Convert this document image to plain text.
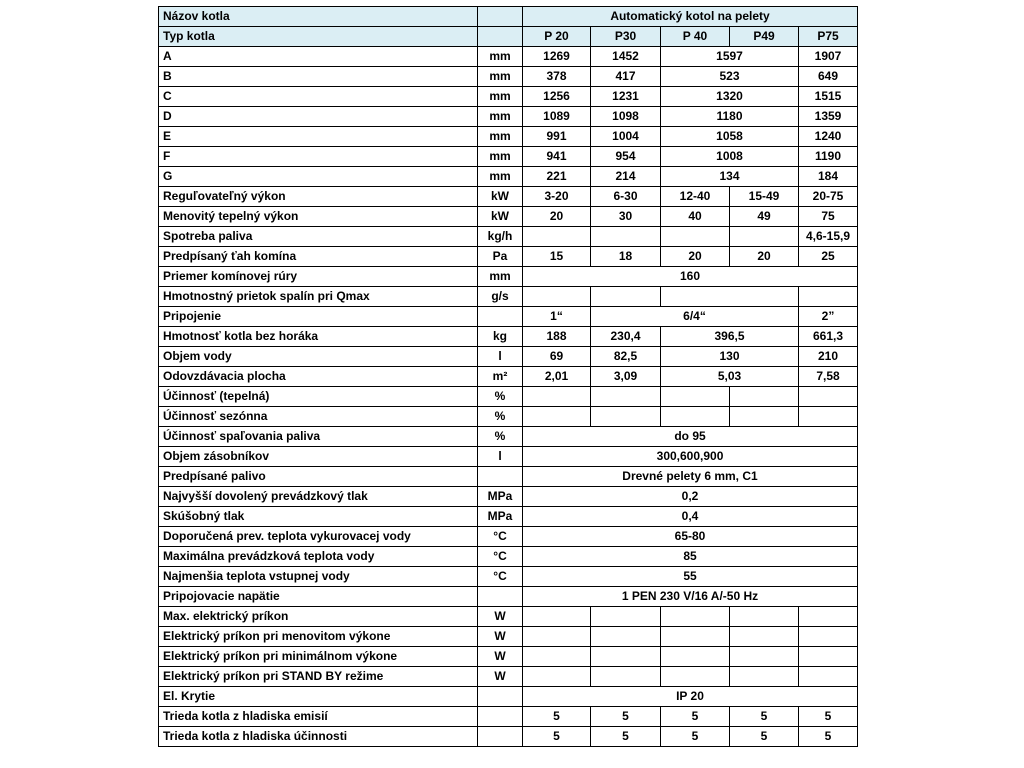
Názov kotla		Automatický kotol na pelety				
Typ kotla		P 20	P30	P 40	P49	P75
A	mm	1269	1452	1597		1907
B	mm	378	417	523		649
C	mm	1256	1231	1320		1515
D	mm	1089	1098	1180		1359
E	mm	991	1004	1058		1240
F	mm	941	954	1008		1190
G	mm	221	214	134		184
Reguľovateľný výkon	kW	3-20	6-30	12-40	15-49	20-75
Menovitý tepelný výkon	kW	20	30	40	49	75
Spotreba paliva	kg/h					4,6-15,9
Predpísaný ťah komína	Pa	15	18	20	20	25
Priemer komínovej rúry	mm	160				
Hmotnostný prietok spalín pri Qmax	g/s					
Pripojenie		1“	6/4“			2”
Hmotnosť kotla bez horáka	kg	188	230,4	396,5		661,3
Objem vody	l	69	82,5	130		210
Odovzdávacia plocha	m²	2,01	3,09	5,03		7,58
Účinnosť (tepelná)	%					
Účinnosť sezónna	%					
Účinnosť spaľovania paliva	%	do 95				
Objem zásobníkov	l	300,600,900				
Predpísané palivo		Drevné pelety 6 mm, C1				
Najvyšší dovolený prevádzkový tlak	MPa	0,2				
Skúšobný tlak	MPa	0,4				
Doporučená prev. teplota vykurovacej vody	°C	65-80				
Maximálna prevádzková teplota vody	°C	85				
Najmenšia teplota vstupnej vody	°C	55				
Pripojovacie napätie		1 PEN 230 V/16 A/-50 Hz				
Max. elektrický príkon	W					
Elektrický príkon pri menovitom výkone	W					
Elektrický príkon pri minimálnom výkone	W					
Elektrický príkon pri STAND BY režime	W					
El. Krytie		IP 20				
Trieda kotla z hladiska emisií		5	5	5	5	5
Trieda kotla z hladiska účinnosti		5	5	5	5	5
